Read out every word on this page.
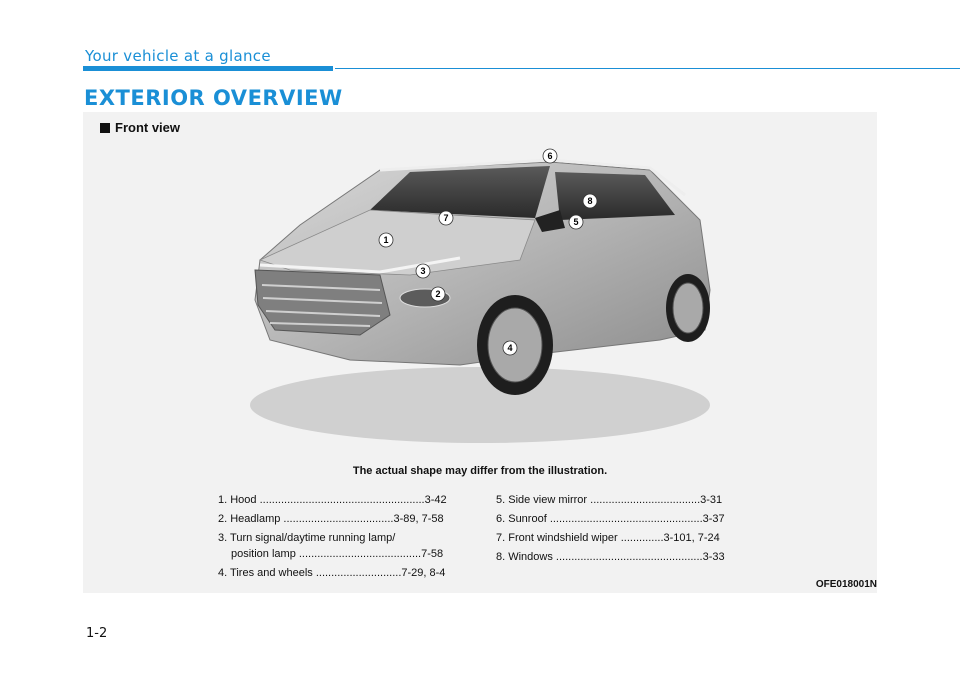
Your vehicle at a glance
EXTERIOR OVERVIEW
Front view
1
2
3
4
5
6
7
8
The actual shape may differ from the illustration.
1. Hood ......................................................3-42
2. Headlamp ....................................3-89, 7-58
3. Turn signal/daytime running lamp/
position lamp ........................................7-58
4. Tires and wheels ............................7-29, 8-4
5. Side view mirror ....................................3-31
6. Sunroof ..................................................3-37
7. Front windshield wiper ..............3-101, 7-24
8. Windows ................................................3-33
OFE018001N
1-2
